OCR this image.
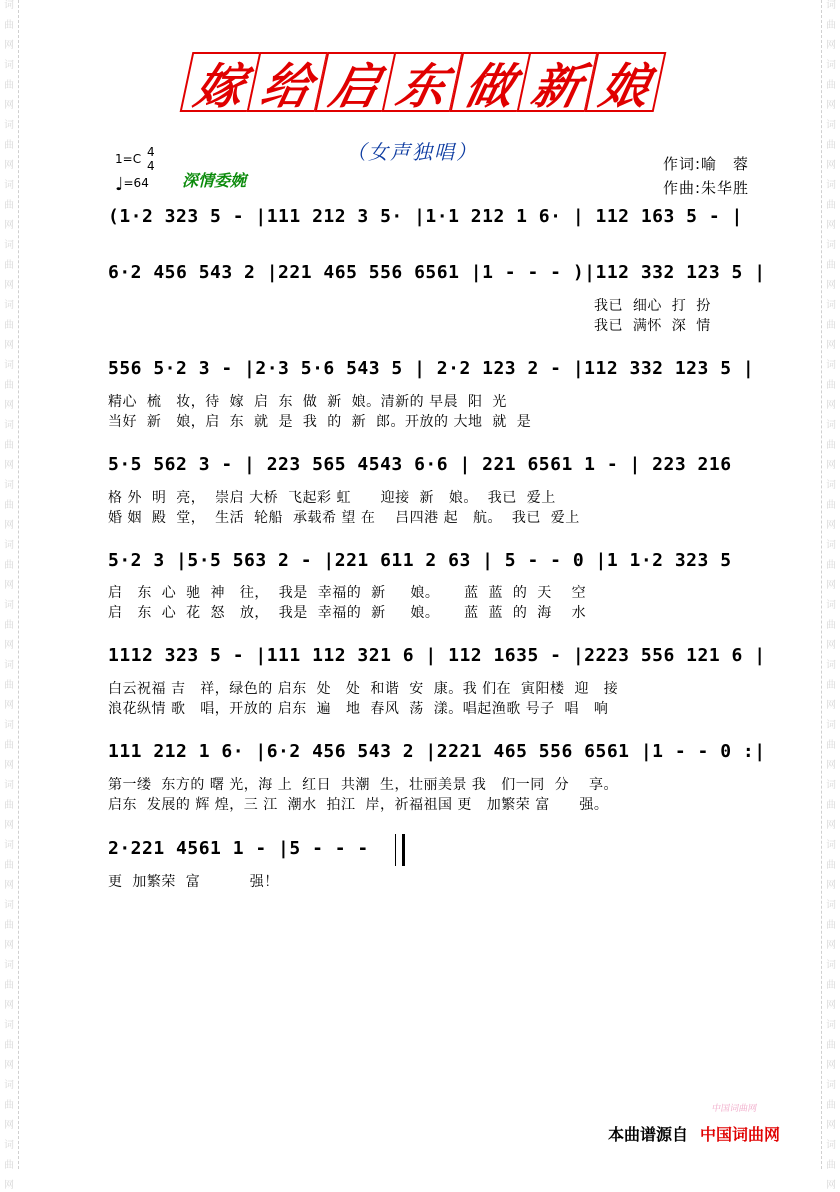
词
曲
网
词
曲
网
词
曲
网
词
曲
网
词
曲
网
词
曲
网
词
曲
网
词
曲
网
词
曲
网
词
曲
网
词
曲
网
词
曲
网
词
曲
网
词
曲
网
词
曲
网
词
曲
网
词
曲
网
词
曲
网
词
曲
网
词
曲
网
词
曲
网
词
曲
网
词
曲
网
词
曲
网
词
曲
网
词
曲
网
词
曲
网
词
曲
网
词
曲
网
词
曲
网
词
曲
网
词
曲
网
词
曲
网
词
曲
网
词
曲
网
词
曲
网
词
曲
网
词
曲
网
词
曲
网
词
曲
网
嫁 给 启 东 做 新 娘
（女声独唱）
1=C 4
4
♩=64 深情委婉
作词:喻　蓉
作曲:朱华胜
(1·2 323 5 - |111 212 3 5· |1·1 212 1 6· | 112 163 5 - |
6·2 456 543 2 |221 465 556 6561 |1 - - - )|112 332 123 5 |
我已  细心  打  扮
我已  满怀  深  情
556 5·2 3 - |2·3 5·6 543 5 | 2·2 123 2 - |112 332 123 5 |
精心  梳   妆，待  嫁  启  东  做  新  娘。清新的 早晨  阳  光
当好  新   娘，启  东  就  是  我  的  新  郎。开放的 大地  就  是
5·5 562 3 - | 223 565 4543 6·6 | 221 6561 1 - | 223 216
格 外  明  亮，  崇启 大桥  飞起彩 虹      迎接  新   娘。  我已  爱上
婚 姻  殿  堂，  生活  轮船  承载希 望 在    吕四港 起   航。  我已  爱上
5·2 3 |5·5 563 2 - |221 611 2 63 | 5 - - 0 |1 1·2 323 5
启   东  心  驰  神   往，  我是  幸福的  新     娘。     蓝  蓝  的  天    空
启   东  心  花  怒   放，  我是  幸福的  新     娘。     蓝  蓝  的  海    水
1112 323 5 - |111 112 321 6 | 112 1635 - |2223 556 121 6 |
白云祝福 吉   祥，绿色的 启东  处   处  和谐  安  康。我 们在  寅阳楼  迎   接
浪花纵情 歌   唱，开放的 启东  遍   地  春风  荡  漾。唱起渔歌 号子  唱   响
111 212 1 6· |6·2 456 543 2 |2221 465 556 6561 |1 - - 0 :|
第一缕  东方的 曙 光，海 上  红日  共潮  生，壮丽美景 我   们一同  分    享。
启东  发展的 辉 煌，三 江  潮水  拍江  岸，祈福祖国 更   加繁荣 富      强。
2·221 4561 1 - |5 - - -
更  加繁荣  富          强！
中国词曲网
本曲谱源自 中国词曲网
